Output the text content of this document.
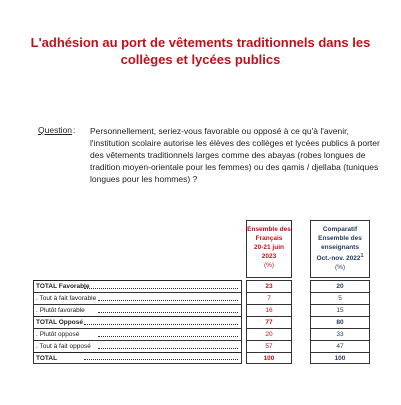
L'adhésion au port de vêtements traditionnels dans les collèges et lycées publics
Question : Personnellement, seriez-vous favorable ou opposé à ce qu'à l'avenir, l'institution scolaire autorise les élèves des collèges et lycées publics à porter des vêtements traditionnels larges comme des abayas (robes longues de tradition moyen-orientale pour les femmes) ou des qamis / djellaba (tuniques longues pour les hommes) ?
Ensemble des Français
20-21 juin 2023
(%)
Comparatif Ensemble des enseignants
Oct.-nov. 2022$^1$
(%)
TOTAL Favorable	23	20
. Tout à fait favorable	7	5
. Plutôt favorable	16	15
TOTAL Opposé	77	80
. Plutôt opposé	20	33
. Tout à fait opposé	57	47
TOTAL	100	100
